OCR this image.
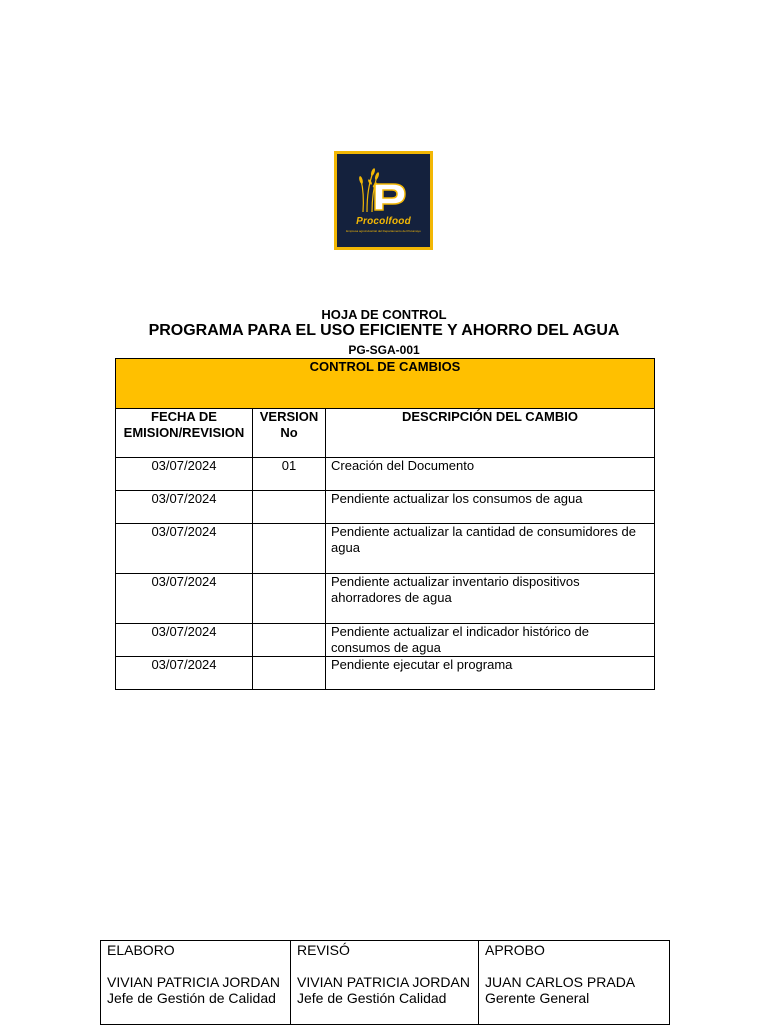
Procolfood
Empresa agroindustrial del Departamento del Putumayo
HOJA DE CONTROL
PROGRAMA PARA EL USO EFICIENTE Y AHORRO DEL AGUA
PG-SGA-001
CONTROL DE CAMBIOS		
FECHA DE EMISION/REVISION	VERSION No	DESCRIPCIÓN DEL CAMBIO
03/07/2024	01	Creación del Documento
03/07/2024		Pendiente actualizar los consumos de agua
03/07/2024		Pendiente actualizar la cantidad de consumidores de agua
03/07/2024		Pendiente actualizar inventario dispositivos ahorradores de agua
03/07/2024		Pendiente actualizar el indicador histórico de consumos de agua
03/07/2024		Pendiente ejecutar el programa
ELABORO
VIVIAN PATRICIA JORDAN
Jefe de Gestión de Calidad

REVISÓ
VIVIAN PATRICIA JORDAN
Jefe de Gestión Calidad

APROBO
JUAN CARLOS PRADA
Gerente General
